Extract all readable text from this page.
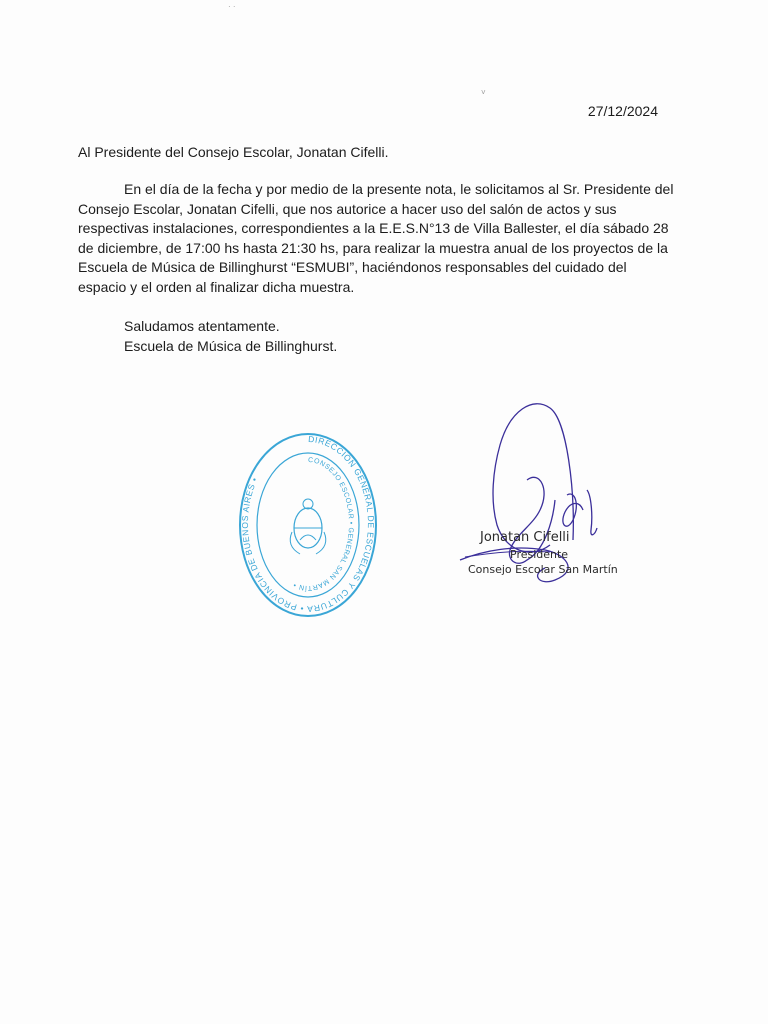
· ·
˅
27/12/2024
Al Presidente del Consejo Escolar, Jonatan Cifelli.
En el día de la fecha y por medio de la presente nota, le solicitamos al Sr. Presidente del Consejo Escolar, Jonatan Cifelli, que nos autorice a hacer uso del salón de actos y sus respectivas instalaciones, correspondientes a la E.E.S.N°13 de Villa Ballester, el día sábado 28 de diciembre, de 17:00 hs hasta 21:30 hs, para realizar la muestra anual de los proyectos de la Escuela de Música de Billinghurst “ESMUBI”, haciéndonos responsables del cuidado del espacio y el orden al finalizar dicha muestra.
Saludamos atentamente.
Escuela de Música de Billinghurst.
DIRECCIÓN GENERAL DE ESCUELAS Y CULTURA • PROVINCIA DE BUENOS AIRES •
CONSEJO ESCOLAR • GENERAL SAN MARTÍN •
Jonatan Cifelli
Presidente
Consejo Escolar San Martín
